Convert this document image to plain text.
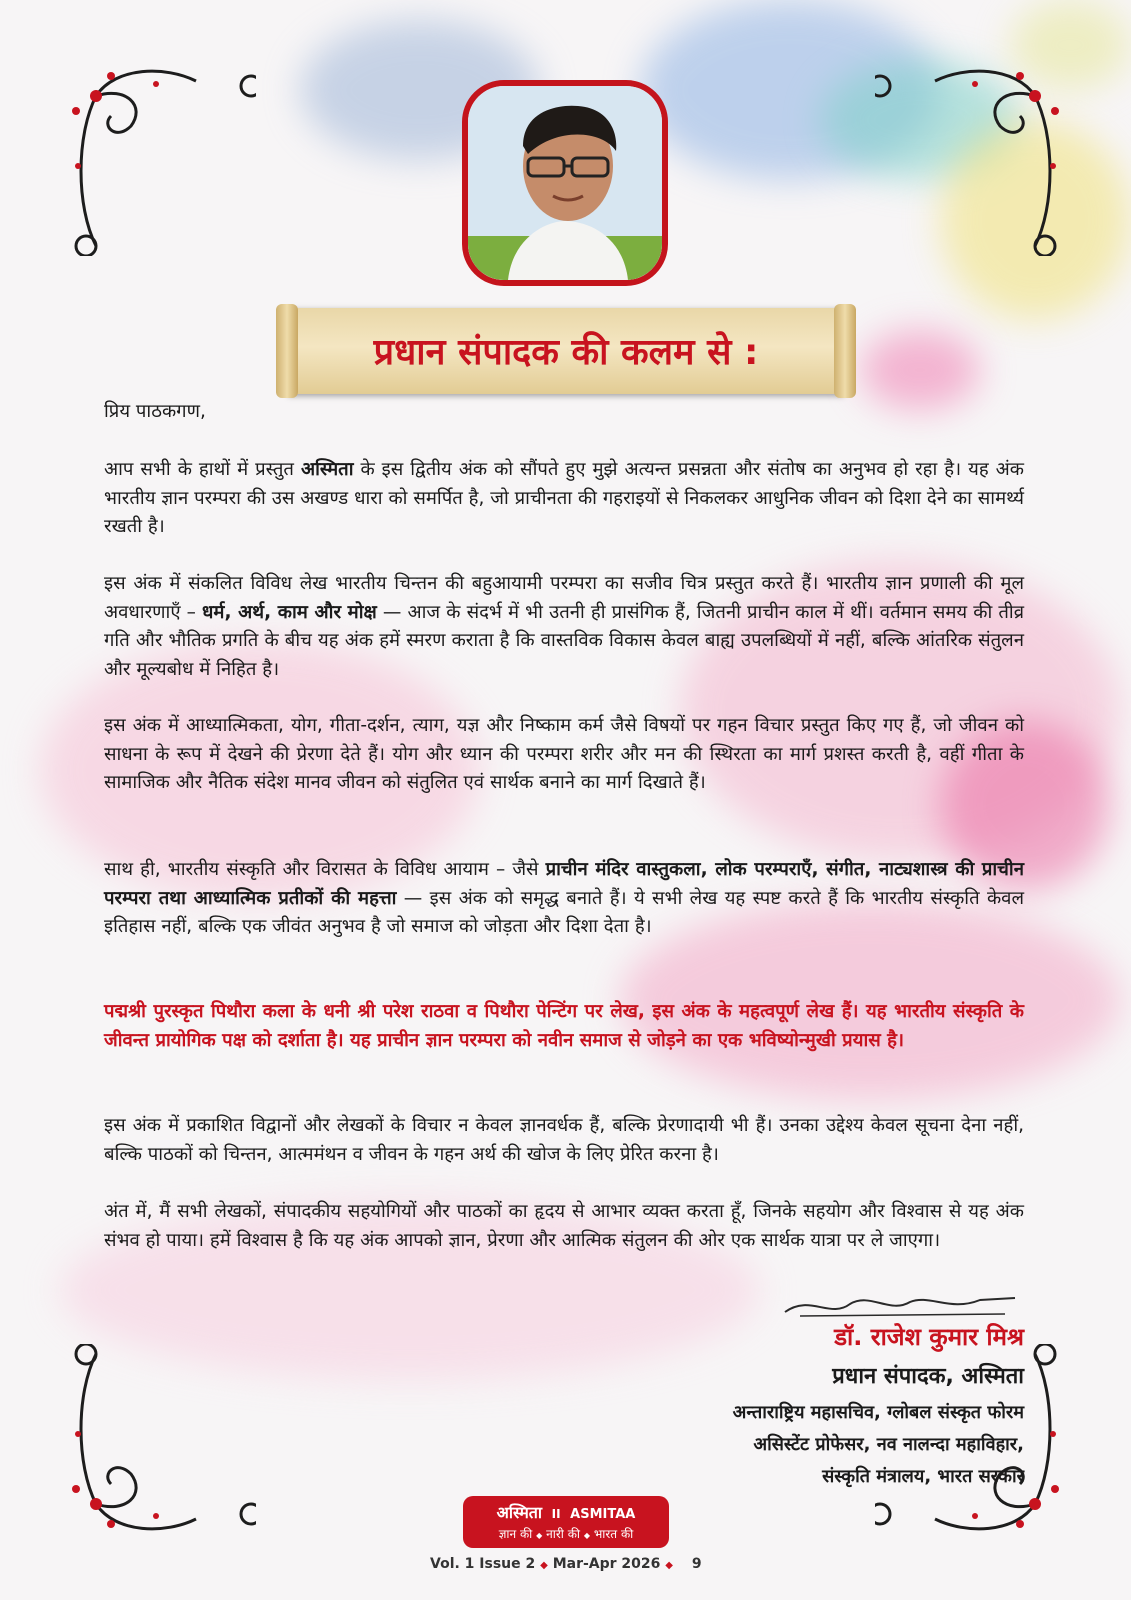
प्रधान संपादक की कलम से :
प्रिय पाठकगण,
आप सभी के हाथों में प्रस्तुत अस्मिता के इस द्वितीय अंक को सौंपते हुए मुझे अत्यन्त प्रसन्नता और संतोष का अनुभव हो रहा है। यह अंक भारतीय ज्ञान परम्परा की उस अखण्ड धारा को समर्पित है, जो प्राचीनता की गहराइयों से निकलकर आधुनिक जीवन को दिशा देने का सामर्थ्य रखती है।
इस अंक में संकलित विविध लेख भारतीय चिन्तन की बहुआयामी परम्परा का सजीव चित्र प्रस्तुत करते हैं। भारतीय ज्ञान प्रणाली की मूल अवधारणाएँ – धर्म, अर्थ, काम और मोक्ष — आज के संदर्भ में भी उतनी ही प्रासंगिक हैं, जितनी प्राचीन काल में थीं। वर्तमान समय की तीव्र गति और भौतिक प्रगति के बीच यह अंक हमें स्मरण कराता है कि वास्तविक विकास केवल बाह्य उपलब्धियों में नहीं, बल्कि आंतरिक संतुलन और मूल्यबोध में निहित है।
इस अंक में आध्यात्मिकता, योग, गीता-दर्शन, त्याग, यज्ञ और निष्काम कर्म जैसे विषयों पर गहन विचार प्रस्तुत किए गए हैं, जो जीवन को साधना के रूप में देखने की प्रेरणा देते हैं। योग और ध्यान की परम्परा शरीर और मन की स्थिरता का मार्ग प्रशस्त करती है, वहीं गीता के सामाजिक और नैतिक संदेश मानव जीवन को संतुलित एवं सार्थक बनाने का मार्ग दिखाते हैं।
साथ ही, भारतीय संस्कृति और विरासत के विविध आयाम – जैसे प्राचीन मंदिर वास्तुकला, लोक परम्पराएँ, संगीत, नाट्यशास्त्र की प्राचीन परम्परा तथा आध्यात्मिक प्रतीकों की महत्ता — इस अंक को समृद्ध बनाते हैं। ये सभी लेख यह स्पष्ट करते हैं कि भारतीय संस्कृति केवल इतिहास नहीं, बल्कि एक जीवंत अनुभव है जो समाज को जोड़ता और दिशा देता है।
पद्मश्री पुरस्कृत पिथौरा कला के धनी श्री परेश राठवा व पिथौरा पेन्टिंग पर लेख, इस अंक के महत्वपूर्ण लेख हैं। यह भारतीय संस्कृति के जीवन्त प्रायोगिक पक्ष को दर्शाता है। यह प्राचीन ज्ञान परम्परा को नवीन समाज से जोड़ने का एक भविष्योन्मुखी प्रयास है।
इस अंक में प्रकाशित विद्वानों और लेखकों के विचार न केवल ज्ञानवर्धक हैं, बल्कि प्रेरणादायी भी हैं। उनका उद्देश्य केवल सूचना देना नहीं, बल्कि पाठकों को चिन्तन, आत्ममंथन व जीवन के गहन अर्थ की खोज के लिए प्रेरित करना है।
अंत में, मैं सभी लेखकों, संपादकीय सहयोगियों और पाठकों का हृदय से आभार व्यक्त करता हूँ, जिनके सहयोग और विश्वास से यह अंक संभव हो पाया। हमें विश्वास है कि यह अंक आपको ज्ञान, प्रेरणा और आत्मिक संतुलन की ओर एक सार्थक यात्रा पर ले जाएगा।
डॉ. राजेश कुमार मिश्र
प्रधान संपादक, अस्मिता
अन्ताराष्ट्रिय महासचिव, ग्लोबल संस्कृत फोरम
असिस्टेंट प्रोफेसर, नव नालन्दा महाविहार,
संस्कृति मंत्रालय, भारत सरकार
अस्मिता II ASMITAA
ज्ञान की ◆ नारी की ◆ भारत की
Vol. 1 Issue 2 ◆ Mar-Apr 2026 ◆ 9
